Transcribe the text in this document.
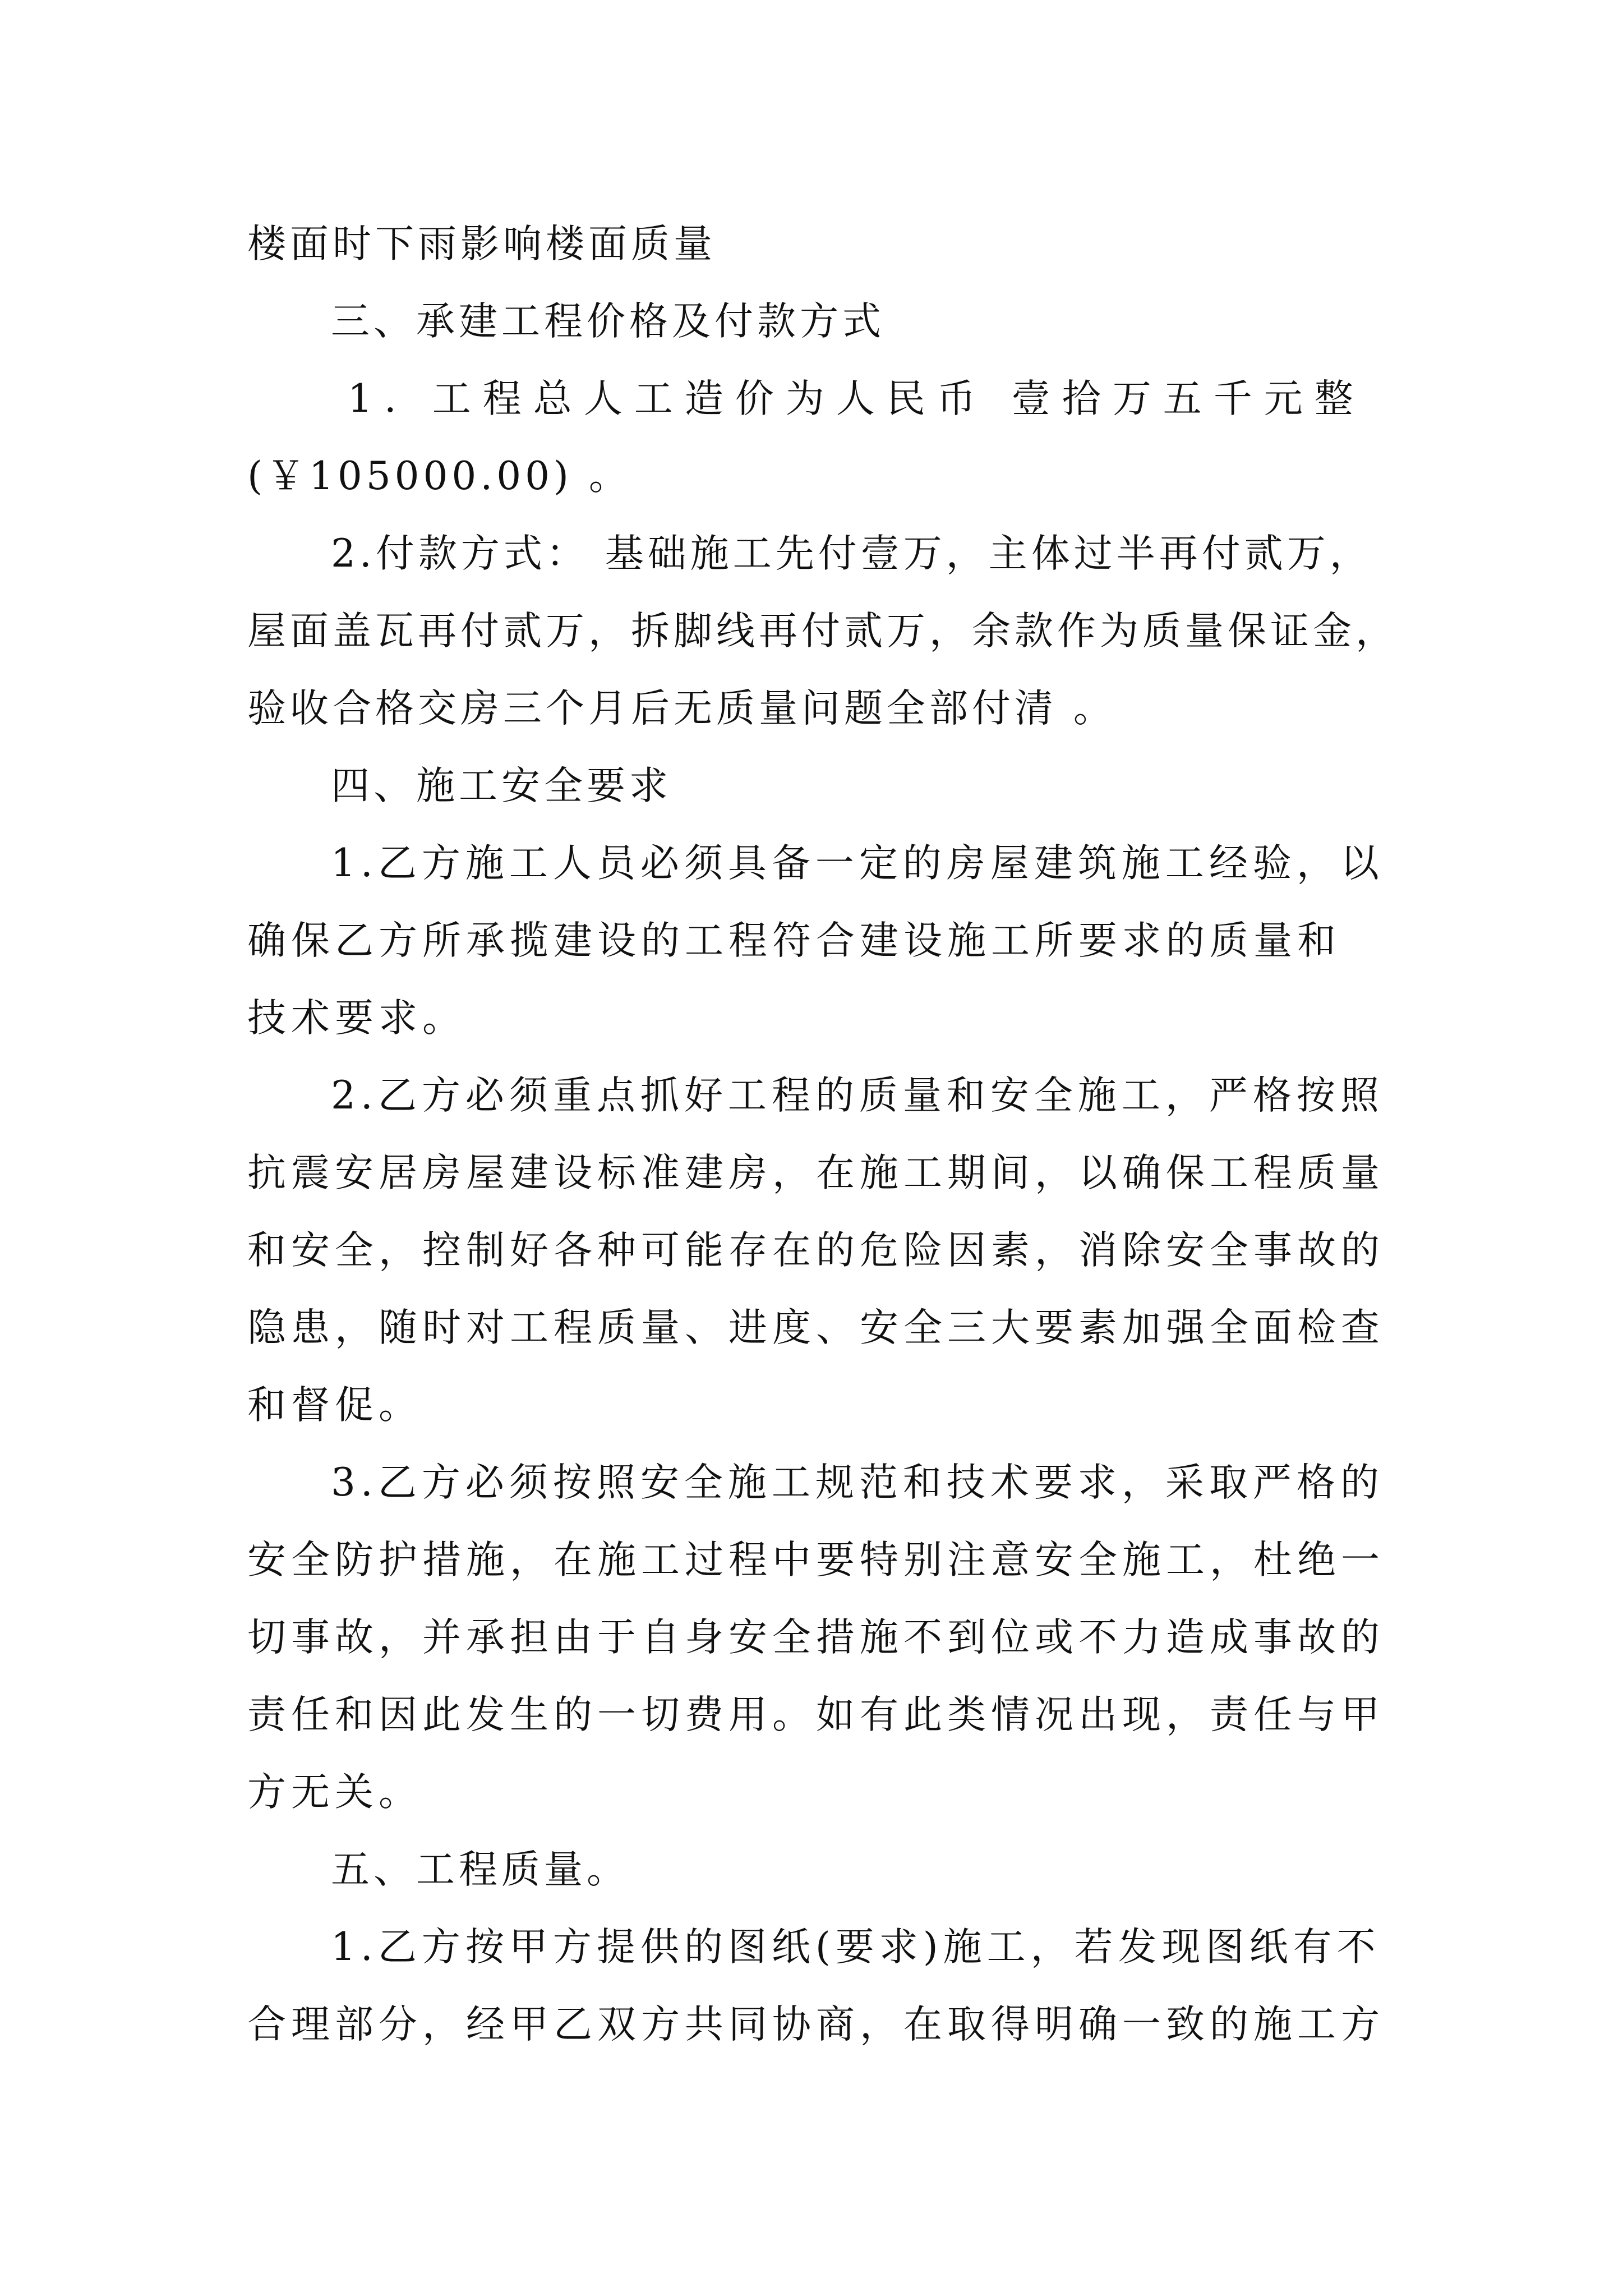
楼面时下雨影响楼面质量
三、承建工程价格及付款方式
1. 工程总人工造价为人民币 壹拾万五千元整
(￥105000.00) 。
2.付款方式： 基础施工先付壹万，主体过半再付贰万，
屋面盖瓦再付贰万，拆脚线再付贰万，余款作为质量保证金，
验收合格交房三个月后无质量问题全部付清 。
四、施工安全要求
1.乙方施工人员必须具备一定的房屋建筑施工经验，以
确保乙方所承揽建设的工程符合建设施工所要求的质量和
技术要求。
2.乙方必须重点抓好工程的质量和安全施工，严格按照
抗震安居房屋建设标准建房，在施工期间，以确保工程质量
和安全，控制好各种可能存在的危险因素，消除安全事故的
隐患，随时对工程质量、进度、安全三大要素加强全面检查
和督促。
3.乙方必须按照安全施工规范和技术要求，采取严格的
安全防护措施，在施工过程中要特别注意安全施工，杜绝一
切事故，并承担由于自身安全措施不到位或不力造成事故的
责任和因此发生的一切费用。如有此类情况出现，责任与甲
方无关。
五、工程质量。
1.乙方按甲方提供的图纸(要求)施工，若发现图纸有不
合理部分，经甲乙双方共同协商，在取得明确一致的施工方
